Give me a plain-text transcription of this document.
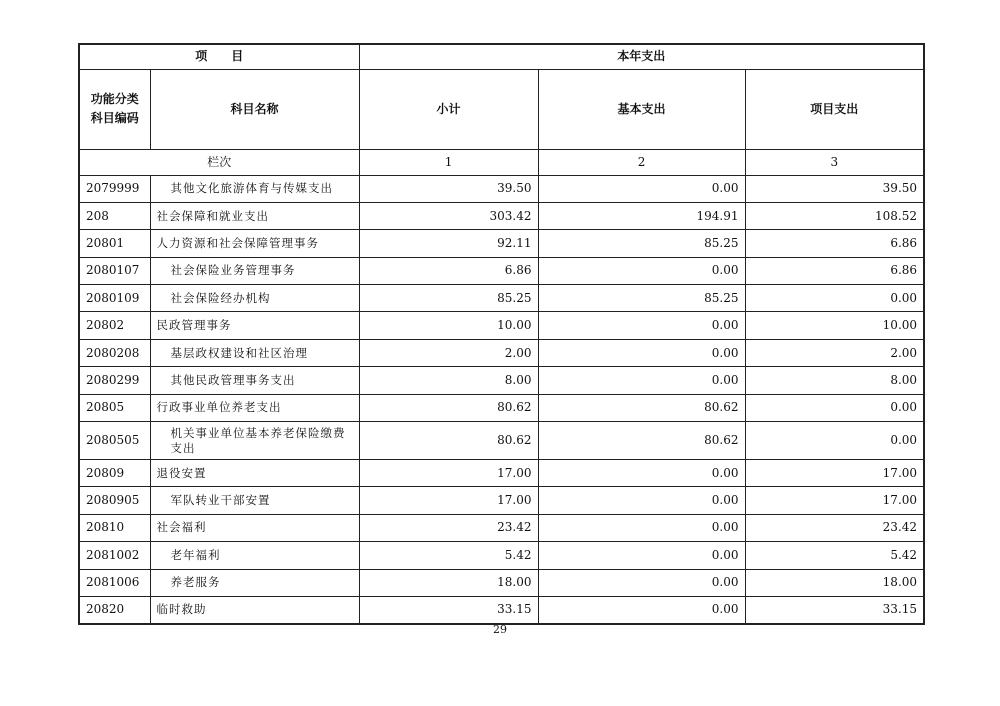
项　　目		本年支出		
功能分类科目编码	科目名称	小计	基本支出	项目支出
栏次		1	2	3
2079999	其他文化旅游体育与传媒支出	39.50	0.00	39.50
208	社会保障和就业支出	303.42	194.91	108.52
20801	人力资源和社会保障管理事务	92.11	85.25	6.86
2080107	社会保险业务管理事务	6.86	0.00	6.86
2080109	社会保险经办机构	85.25	85.25	0.00
20802	民政管理事务	10.00	0.00	10.00
2080208	基层政权建设和社区治理	2.00	0.00	2.00
2080299	其他民政管理事务支出	8.00	0.00	8.00
20805	行政事业单位养老支出	80.62	80.62	0.00
2080505	机关事业单位基本养老保险缴费支出	80.62	80.62	0.00
20809	退役安置	17.00	0.00	17.00
2080905	军队转业干部安置	17.00	0.00	17.00
20810	社会福利	23.42	0.00	23.42
2081002	老年福利	5.42	0.00	5.42
2081006	养老服务	18.00	0.00	18.00
20820	临时救助	33.15	0.00	33.15
29
